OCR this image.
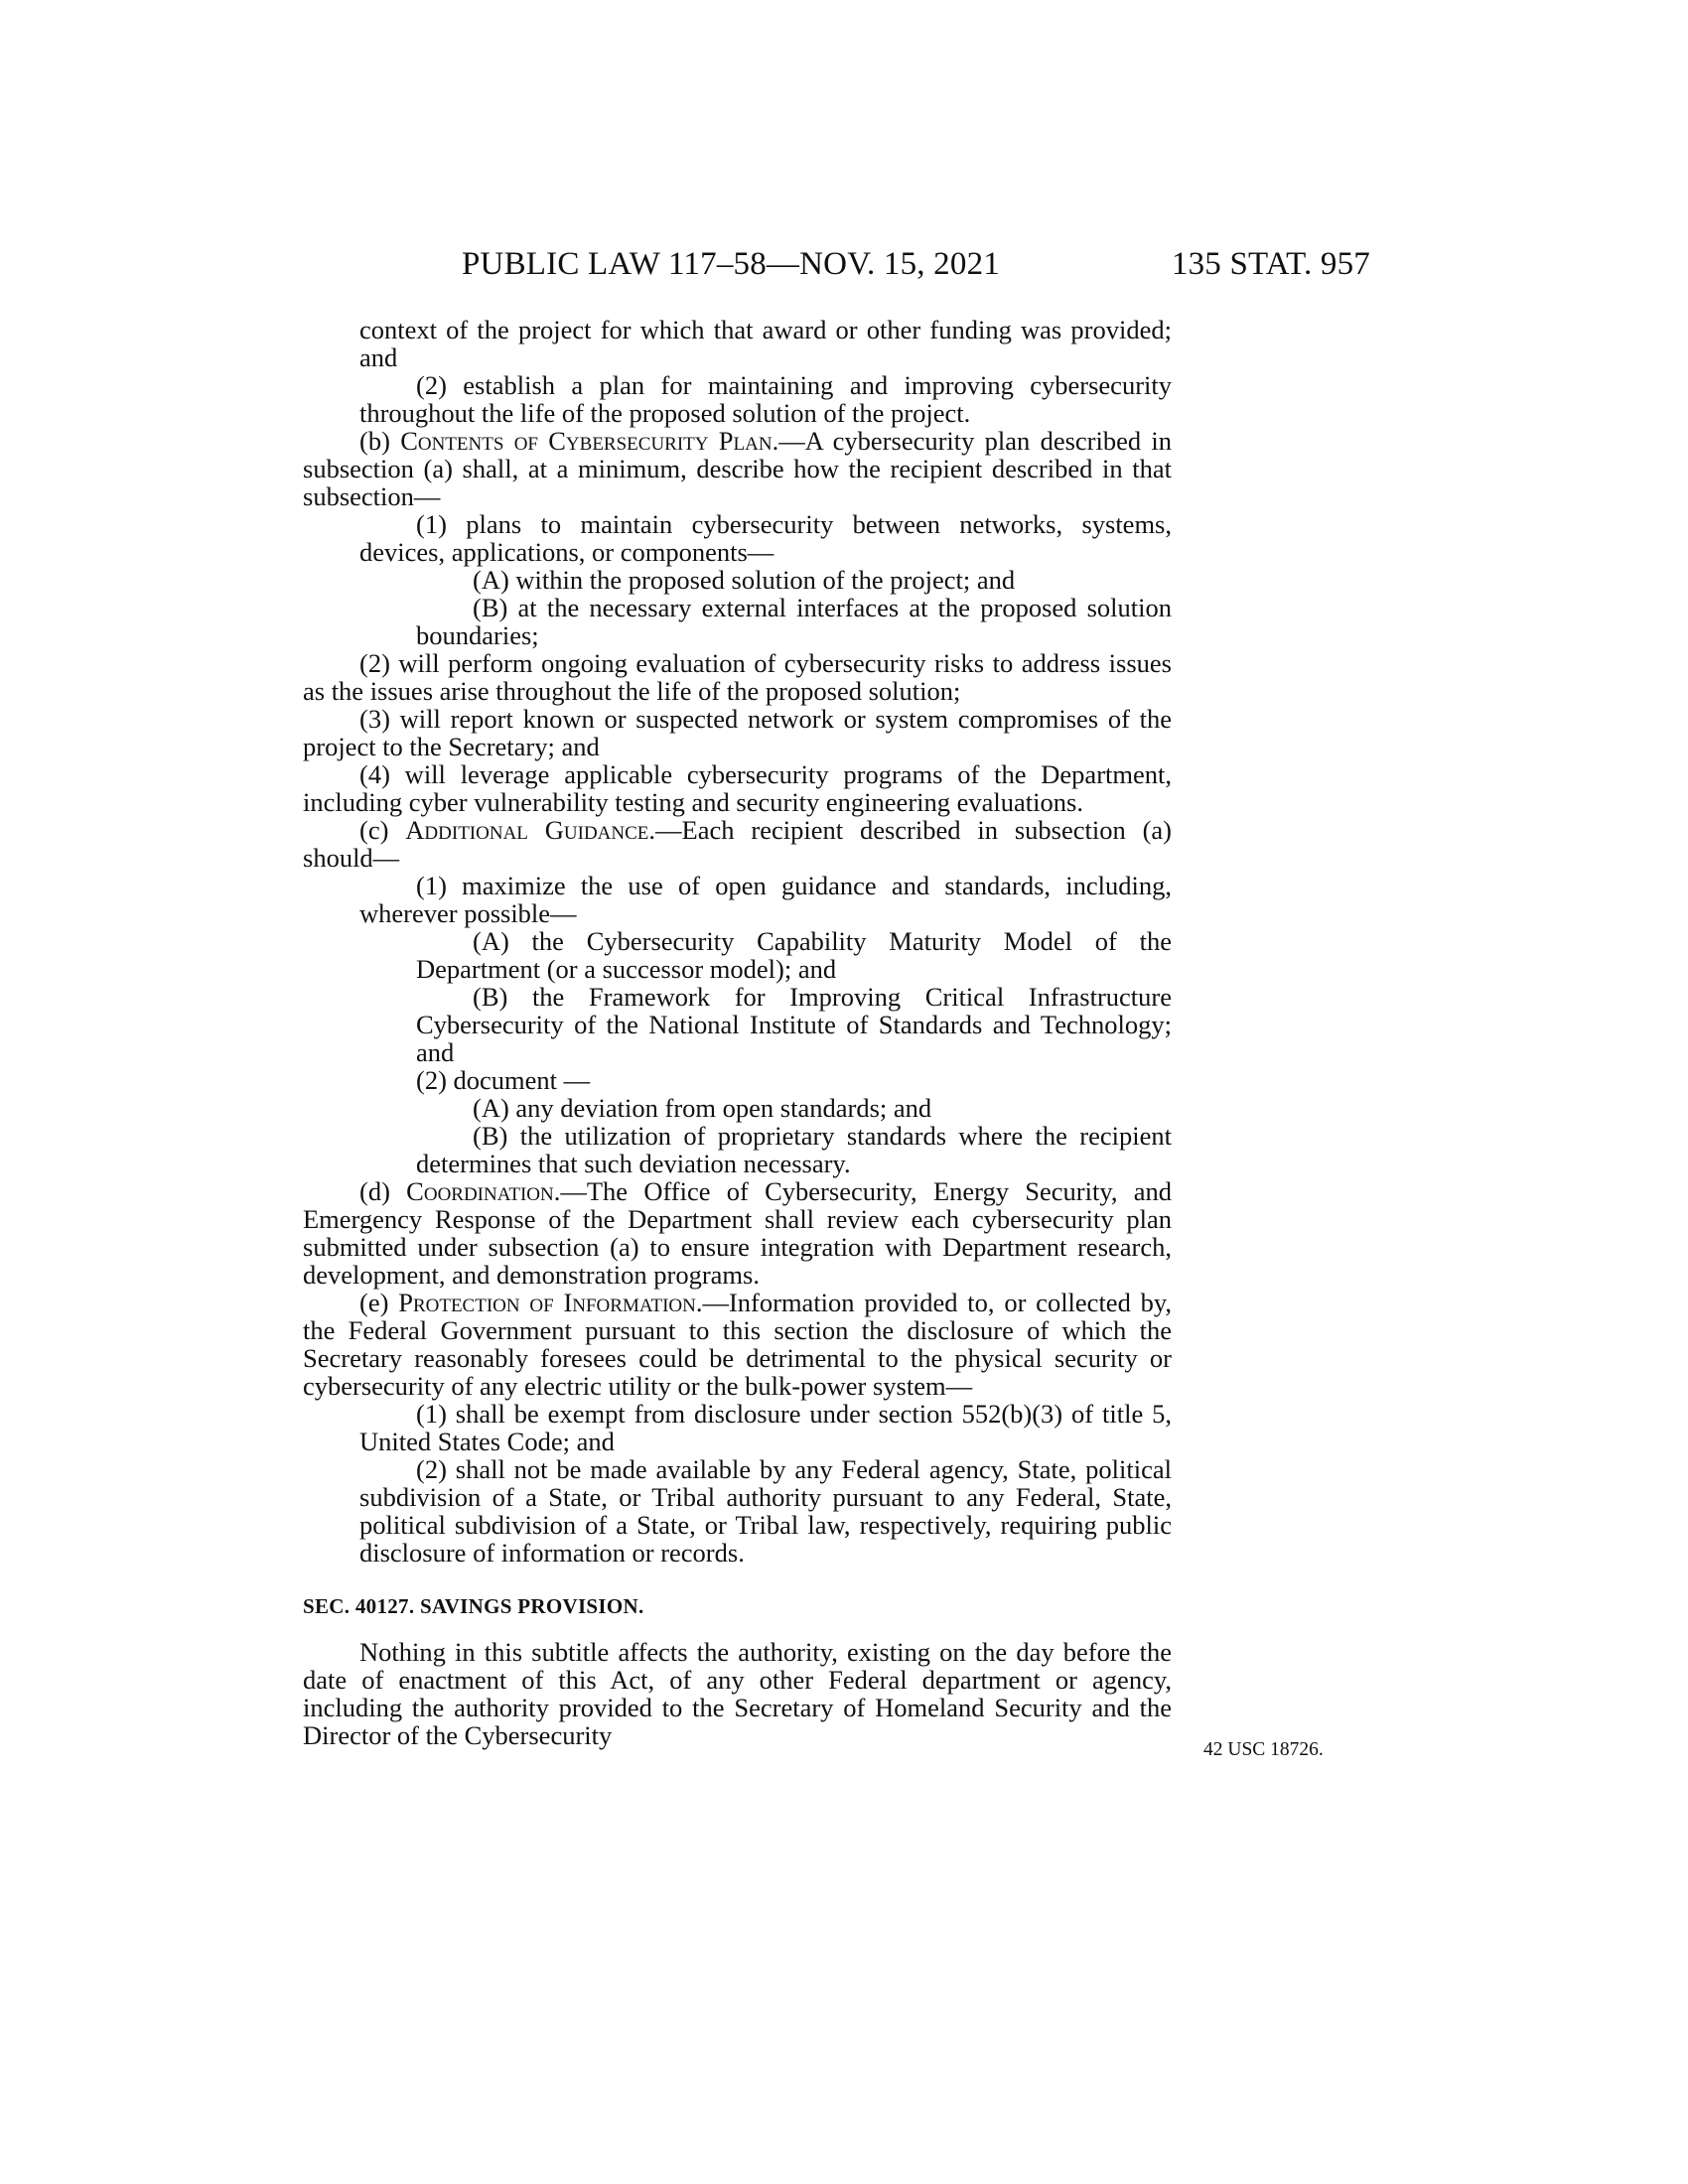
PUBLIC LAW 117–58—NOV. 15, 2021	135 STAT. 957

context of the project for which that award or other funding was provided; and

(2) establish a plan for maintaining and improving cybersecurity throughout the life of the proposed solution of the project.

(b) Contents of Cybersecurity Plan.—A cybersecurity plan described in subsection (a) shall, at a minimum, describe how the recipient described in that subsection—

(1) plans to maintain cybersecurity between networks, systems, devices, applications, or components—

(A) within the proposed solution of the project; and

(B) at the necessary external interfaces at the proposed solution boundaries;

(2) will perform ongoing evaluation of cybersecurity risks to address issues as the issues arise throughout the life of the proposed solution;

(3) will report known or suspected network or system compromises of the project to the Secretary; and

(4) will leverage applicable cybersecurity programs of the Department, including cyber vulnerability testing and security engineering evaluations.

(c) Additional Guidance.—Each recipient described in subsection (a) should—

(1) maximize the use of open guidance and standards, including, wherever possible—

(A) the Cybersecurity Capability Maturity Model of the Department (or a successor model); and

(B) the Framework for Improving Critical Infrastructure Cybersecurity of the National Institute of Standards and Technology; and

(2) document —

(A) any deviation from open standards; and

(B) the utilization of proprietary standards where the recipient determines that such deviation necessary.

(d) Coordination.—The Office of Cybersecurity, Energy Security, and Emergency Response of the Department shall review each cybersecurity plan submitted under subsection (a) to ensure integration with Department research, development, and demonstration programs.

(e) Protection of Information.—Information provided to, or collected by, the Federal Government pursuant to this section the disclosure of which the Secretary reasonably foresees could be detrimental to the physical security or cybersecurity of any electric utility or the bulk-power system—

(1) shall be exempt from disclosure under section 552(b)(3) of title 5, United States Code; and

(2) shall not be made available by any Federal agency, State, political subdivision of a State, or Tribal authority pursuant to any Federal, State, political subdivision of a State, or Tribal law, respectively, requiring public disclosure of information or records.

SEC. 40127. SAVINGS PROVISION.

Nothing in this subtitle affects the authority, existing on the day before the date of enactment of this Act, of any other Federal department or agency, including the authority provided to the Secretary of Homeland Security and the Director of the Cybersecurity	42 USC 18726.
